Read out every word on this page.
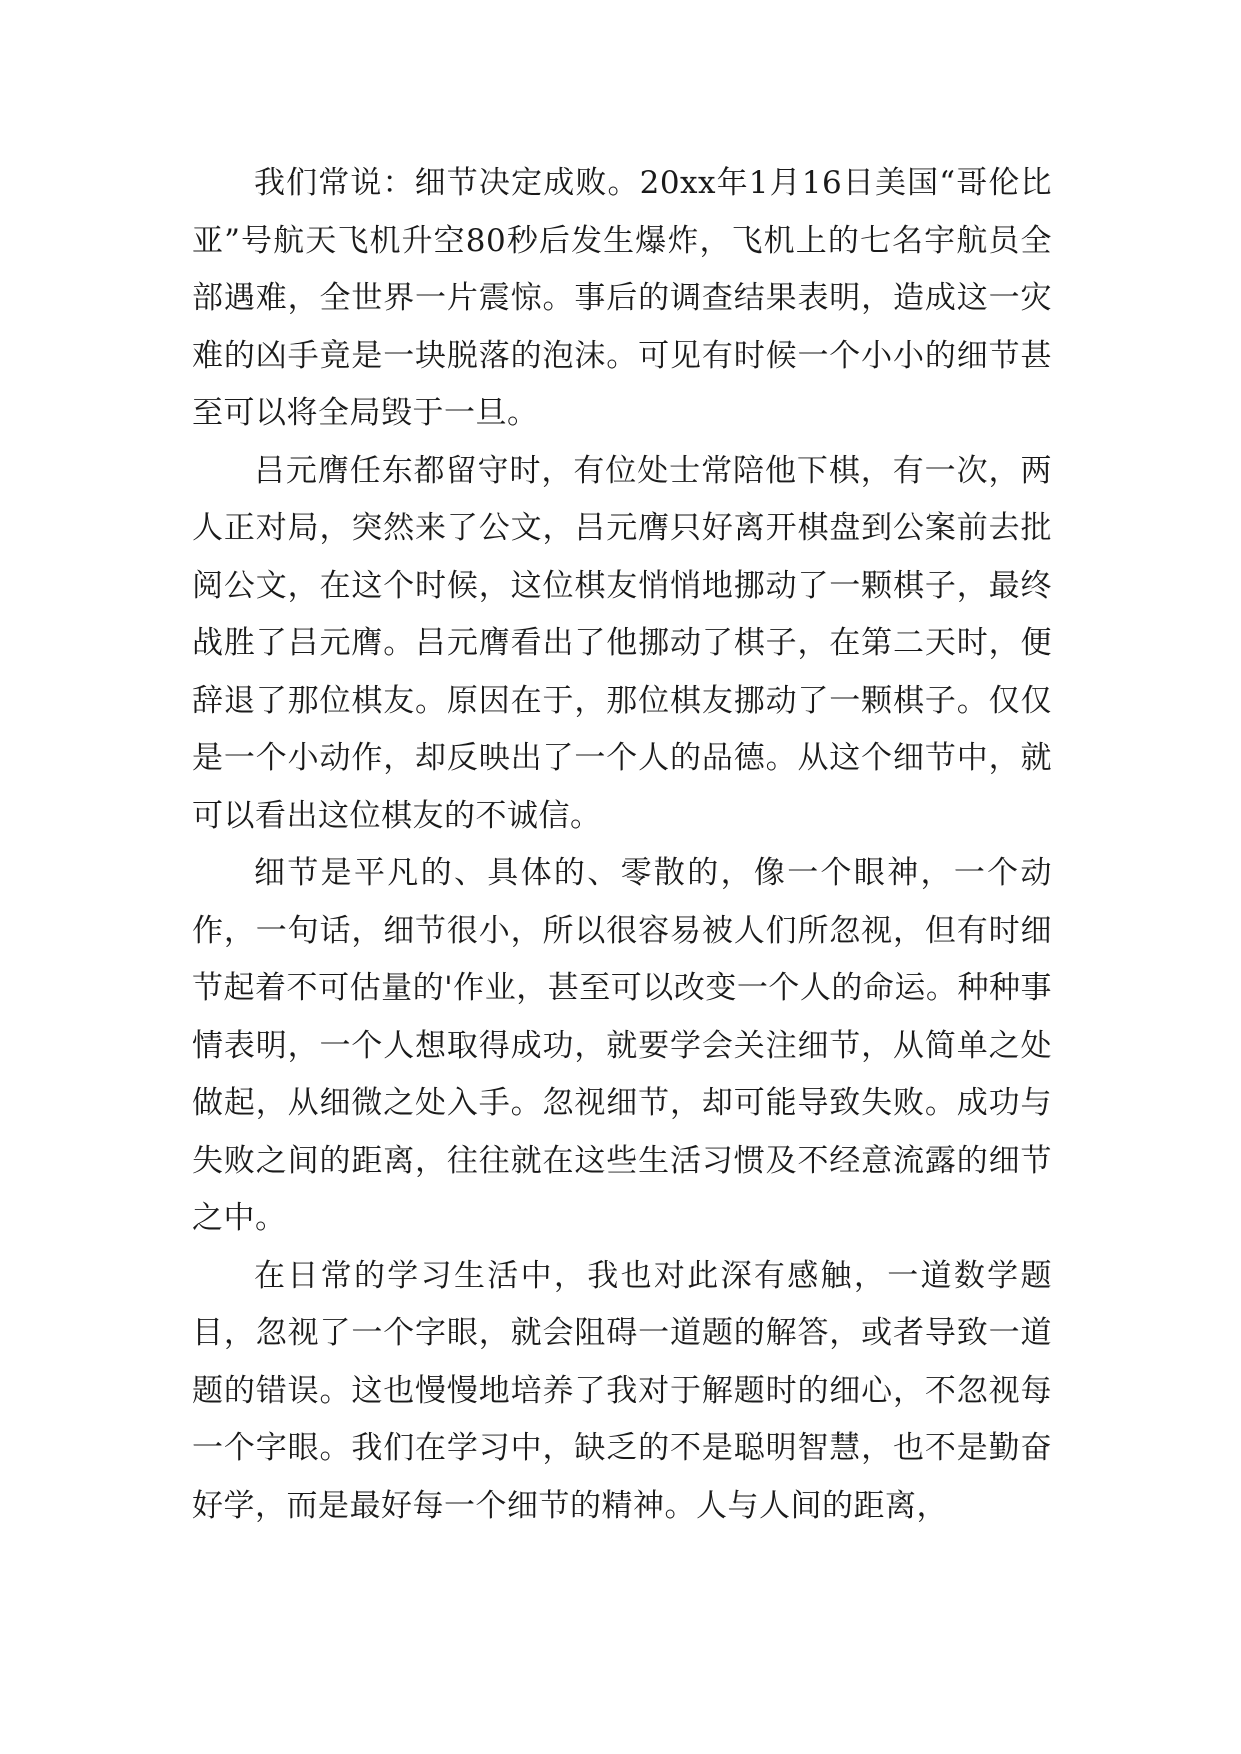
我们常说：细节决定成败。20xx年1月16日美国“哥伦比亚”号航天飞机升空80秒后发生爆炸，飞机上的七名宇航员全部遇难，全世界一片震惊。事后的调查结果表明，造成这一灾难的凶手竟是一块脱落的泡沫。可见有时候一个小小的细节甚至可以将全局毁于一旦。

吕元膺任东都留守时，有位处士常陪他下棋，有一次，两人正对局，突然来了公文，吕元膺只好离开棋盘到公案前去批阅公文，在这个时候，这位棋友悄悄地挪动了一颗棋子，最终战胜了吕元膺。吕元膺看出了他挪动了棋子，在第二天时，便辞退了那位棋友。原因在于，那位棋友挪动了一颗棋子。仅仅是一个小动作，却反映出了一个人的品德。从这个细节中，就可以看出这位棋友的不诚信。

细节是平凡的、具体的、零散的，像一个眼神，一个动作，一句话，细节很小，所以很容易被人们所忽视，但有时细节起着不可估量的'作业，甚至可以改变一个人的命运。种种事情表明，一个人想取得成功，就要学会关注细节，从简单之处做起，从细微之处入手。忽视细节，却可能导致失败。成功与失败之间的距离，往往就在这些生活习惯及不经意流露的细节之中。

在日常的学习生活中，我也对此深有感触，一道数学题目，忽视了一个字眼，就会阻碍一道题的解答，或者导致一道题的错误。这也慢慢地培养了我对于解题时的细心，不忽视每一个字眼。我们在学习中，缺乏的不是聪明智慧，也不是勤奋好学，而是最好每一个细节的精神。人与人间的距离，
